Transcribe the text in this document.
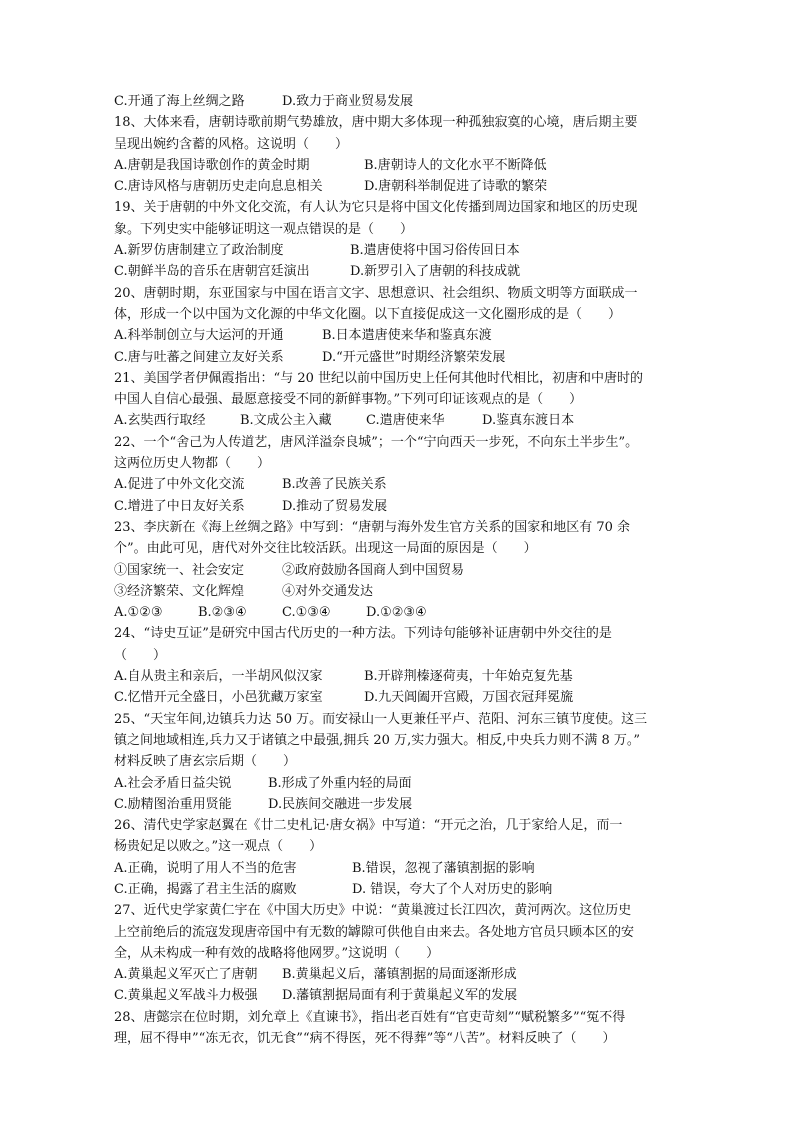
C.开通了海上丝绸之路	D.致力于商业贸易发展
18、大体来看，唐朝诗歌前期气势雄放，唐中期大多体现一种孤独寂寞的心境，唐后期主要
呈现出婉约含蓄的风格。这说明（　　）
A.唐朝是我国诗歌创作的黄金时期	B.唐朝诗人的文化水平不断降低
C.唐诗风格与唐朝历史走向息息相关	D.唐朝科举制促进了诗歌的繁荣
19、关于唐朝的中外文化交流，有人认为它只是将中国文化传播到周边国家和地区的历史现
象。下列史实中能够证明这一观点错误的是（　　）
A.新罗仿唐制建立了政治制度	B.遣唐使将中国习俗传回日本
C.朝鲜半岛的音乐在唐朝宫廷演出	D.新罗引入了唐朝的科技成就
20、唐朝时期，东亚国家与中国在语言文字、思想意识、社会组织、物质文明等方面联成一
体，形成一个以中国为文化源的中华文化圈。以下直接促成这一文化圈形成的是（　　）
A.科举制创立与大运河的开通	B.日本遣唐使来华和鉴真东渡
C.唐与吐蕃之间建立友好关系	D.“开元盛世”时期经济繁荣发展
21、美国学者伊佩霞指出：“与 20 世纪以前中国历史上任何其他时代相比，初唐和中唐时的
中国人自信心最强、最愿意接受不同的新鲜事物。”下列可印证该观点的是（　　）
A.玄奘西行取经	B.文成公主入藏	C.遣唐使来华	D.鉴真东渡日本
22、一个“舍己为人传道艺，唐风洋溢奈良城”；一个“宁向西天一步死，不向东土半步生”。
这两位历史人物都（　　）
A.促进了中外文化交流	B.改善了民族关系
C.增进了中日友好关系	D.推动了贸易发展
23、李庆新在《海上丝绸之路》中写到：“唐朝与海外发生官方关系的国家和地区有 70 余
个”。由此可见，唐代对外交往比较活跃。出现这一局面的原因是（　　）
①国家统一、社会安定	②政府鼓励各国商人到中国贸易
③经济繁荣、文化辉煌	④对外交通发达
A.①②③	B.②③④	C.①③④	D.①②③④
24、“诗史互证”是研究中国古代历史的一种方法。下列诗句能够补证唐朝中外交往的是
（　　）
A.自从贵主和亲后，一半胡风似汉家	B.开辟荆榛逐荷夷，十年始克复先基
C.忆惜开元全盛日，小邑犹藏万家室	D.九天阊阖开宫殿，万国衣冠拜冕旒
25、“天宝年间,边镇兵力达 50 万。而安禄山一人更兼任平卢、范阳、河东三镇节度使。这三
镇之间地域相连,兵力又于诸镇之中最强,拥兵 20 万,实力强大。相反,中央兵力则不满 8 万。”
材料反映了唐玄宗后期（　　）
A.社会矛盾日益尖锐	B.形成了外重内轻的局面
C.励精图治重用贤能	D.民族间交融进一步发展
26、清代史学家赵翼在《廿二史札记·唐女祸》中写道：“开元之治，几于家给人足，而一
杨贵妃足以败之。”这一观点（　　）
A.正确，说明了用人不当的危害	B.错误，忽视了藩镇割据的影响
C.正确，揭露了君主生活的腐败	D. 错误，夸大了个人对历史的影响
27、近代史学家黄仁宇在《中国大历史》中说：“黄巢渡过长江四次，黄河两次。这位历史
上空前绝后的流寇发现唐帝国中有无数的罅隙可供他自由来去。各处地方官员只顾本区的安
全，从未构成一种有效的战略将他网罗。”这说明（　　）
A.黄巢起义军灭亡了唐朝	B.黄巢起义后，藩镇割据的局面逐渐形成
C.黄巢起义军战斗力极强	D.藩镇割据局面有利于黄巢起义军的发展
28、唐懿宗在位时期，刘允章上《直谏书》，指出老百姓有“官吏苛刻”“赋税繁多”“冤不得
理，屈不得申”“冻无衣，饥无食”“病不得医，死不得葬”等“八苦”。材料反映了（　　）
